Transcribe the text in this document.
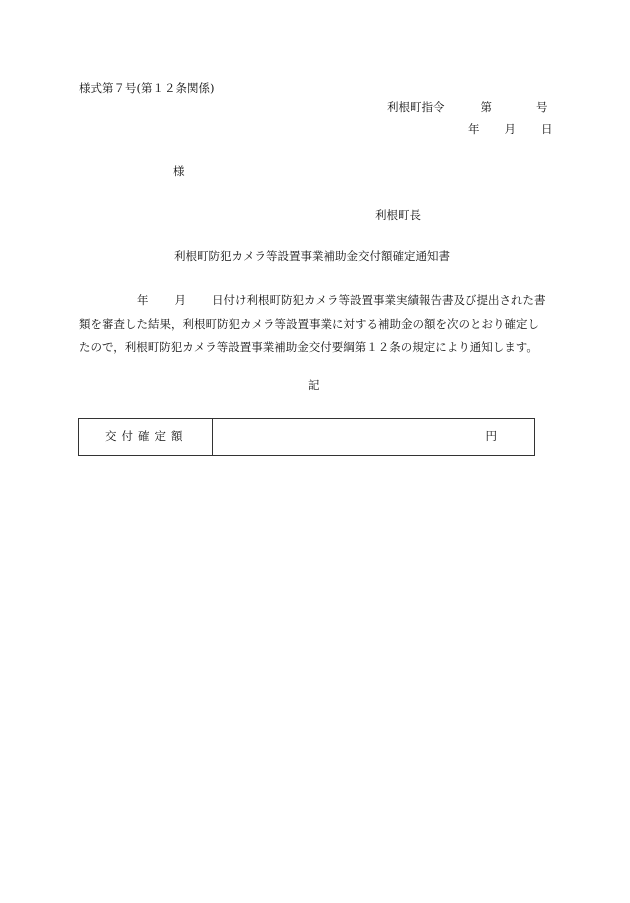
様式第７号(第１２条関係)
利根町指令	第	号
年 月 日
様
利根町長
利根町防犯カメラ等設置事業補助金交付額確定通知書
年 月 日付け利根町防犯カメラ等設置事業実績報告書及び提出された書
類を審査した結果，利根町防犯カメラ等設置事業に対する補助金の額を次のとおり確定し
たので，利根町防犯カメラ等設置事業補助金交付要綱第１２条の規定により通知します。
記
交付確定額	円
